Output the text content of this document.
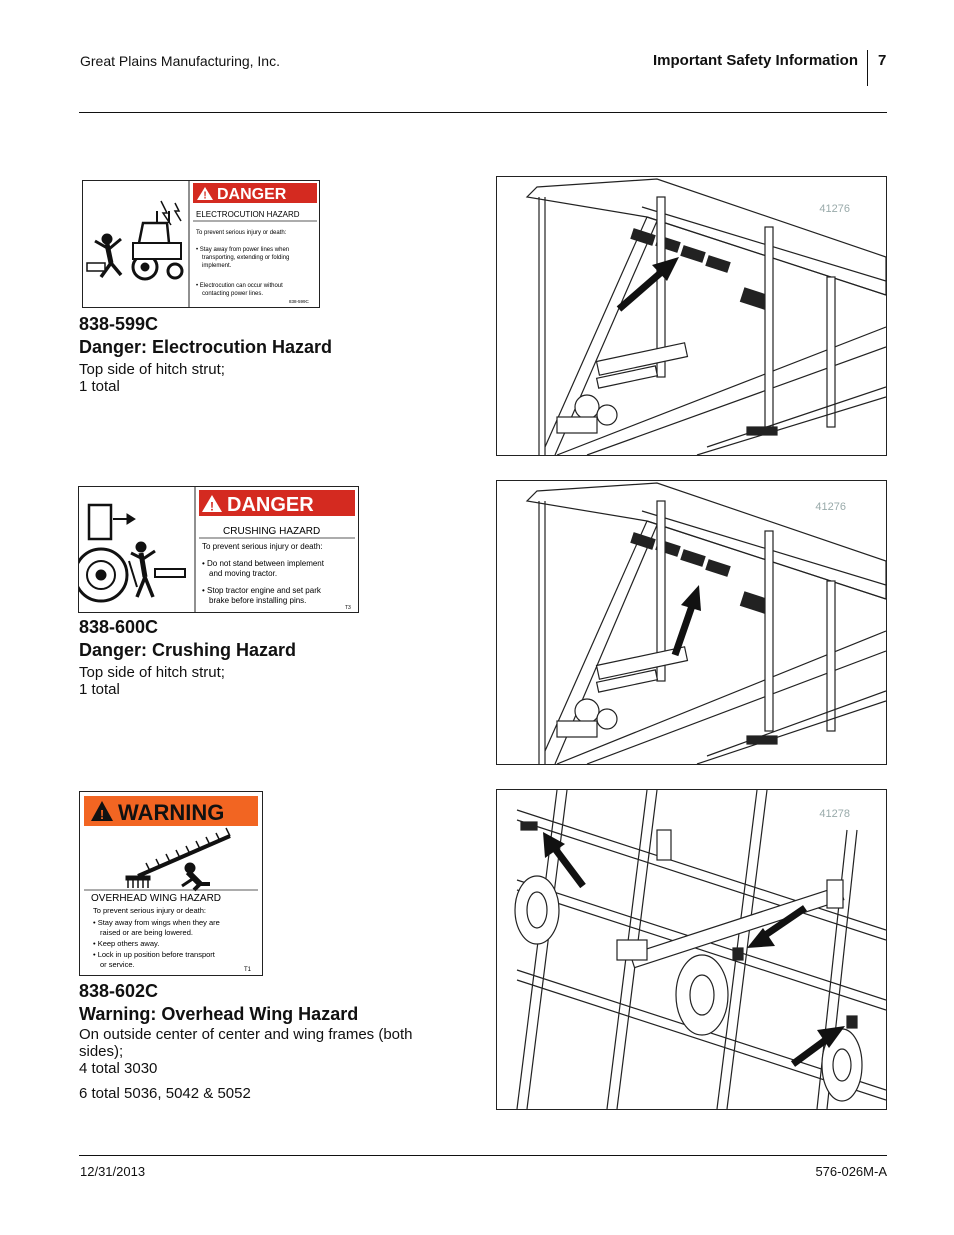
Great Plains Manufacturing, Inc.	Important Safety Information 7
! DANGER
ELECTROCUTION HAZARD
To prevent serious injury or death:
• Stay away from power lines when
transporting, extending or folding
implement.
• Electrocution can occur without
contacting power lines.
838-599C
838-599C
Danger: Electrocution Hazard
Top side of hitch strut;
1 total
41276
! DANGER
CRUSHING HAZARD
To prevent serious injury or death:
• Do not stand between implement
and moving tractor.
• Stop tractor engine and set park
brake before installing pins.
T3
838-600C
Danger: Crushing Hazard
Top side of hitch strut;
1 total
41276
! WARNING
OVERHEAD WING HAZARD
To prevent serious injury or death:
• Stay away from wings when they are
raised or are being lowered.
• Keep others away.
• Lock in up position before transport
or service.
T1
838-602C
Warning: Overhead Wing Hazard
On outside center of center and wing frames (both
sides);
4 total 3030
6 total 5036, 5042 & 5052
41278
12/31/2013	576-026M-A
